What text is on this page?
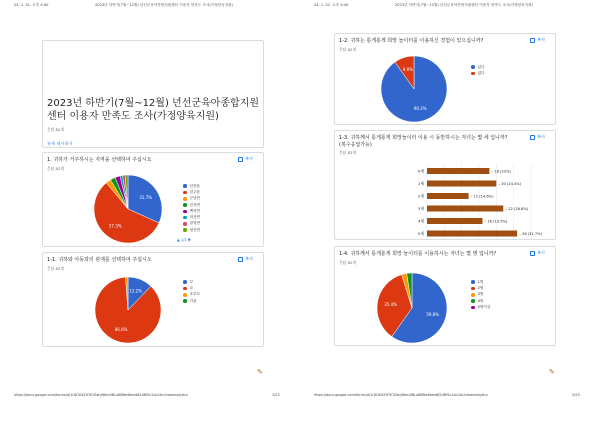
24. 1. 31. 오후 4:40	2023년 하반기(7월~12월) 년선군육아종합지원센터 이용자 만족도 조사(가정양육지원)
2023년 하반기(7월~12월) 년선군육아종합지원센터 이용자 만족도 조사(가정양육지원)
응답 82개
통계 게시하기
1. 귀하가 거주하시는 지역을 선택하여 주십시오
응답 82개
복사
31.7%
57.3%
년천읍
년주읍
군남면
신서면
백학면
미산면
왕징면
청산면
▲ 1/2 ▼
1-1. 귀하와 아동과의 관계를 선택하여 주십시오
응답 82개
복사
12.2%
86.6%
부
모
조부모
기관
✎
https://docs.google.com/forms/d/1rDOXXZrF9OZahJNtdnVBLaBBNe6bmd82dRf5c2oL0Ac/viewanalytics	1/23
24. 1. 31. 오후 4:40	2023년 하반기(7월~12월) 년선군육아종합지원센터 이용자 만족도 조사(가정양육지원)
1-2. 귀하는 롱게롱게 희망 놀이터를 이용하신 경험이 있으십니까?
응답 82개
복사
90.2%
9.8%
있다
없다
1-3. 귀하께서 롱게롱게 희망놀이터 이용 시 동반하시는 자녀는 몇 세 입니까?
(복수응답가능)
응답 82개
복사
0세	– 18 (22%)
1세	– 20 (24.4%)
2세	– 12 (14.6%)
3세	– 22 (26.8%)
4세	– 16 (19.5%)
5세	– 26 (31.7%)
1-4. 귀하께서 롱게롱게 희망 놀이터를 이용하시는 자녀는 몇 명 입니까?
응답 82개
복사
59.8%
35.4%
1명
2명
3명
4명
5명이상
✎
https://docs.google.com/forms/d/1rDOXXZrF9OZahJNtdnVBLaBBNe6bmd82dRf5c2oL0Ac/viewanalytics	2/23
